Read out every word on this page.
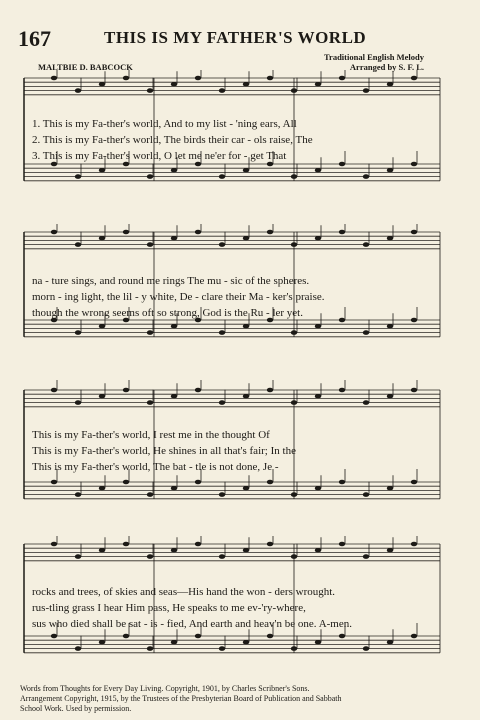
167	THIS IS MY FATHER'S WORLD
Traditional English Melody
Arranged by S. F. L.
MALTBIE D. BABCOCK
1. This is my Fa-ther's world, And to my list - 'ning ears, All
2. This is my Fa-ther's world, The birds their car - ols raise, The
3. This is my Fa-ther's world, O let me ne'er for - get That
na - ture sings, and round me rings The mu - sic of the spheres.
morn - ing light, the lil - y white, De - clare their Ma - ker's praise.
though the wrong seems oft so strong, God is the Ru - ler yet.
This is my Fa-ther's world, I rest me in the thought Of
This is my Fa-ther's world, He shines in all that's fair; In the
This is my Fa-ther's world, The bat - tle is not done, Je -
rocks and trees, of skies and seas—His hand the won - ders wrought.
rus-tling grass I hear Him pass, He speaks to me ev-'ry-where,
sus who died shall be sat - is - fied, And earth and heav'n be one. A-men.
Words from Thoughts for Every Day Living. Copyright, 1901, by Charles Scribner's Sons.
Arrangement Copyright, 1915, by the Trustees of the Presbyterian Board of Publication and Sabbath
School Work. Used by permission.
